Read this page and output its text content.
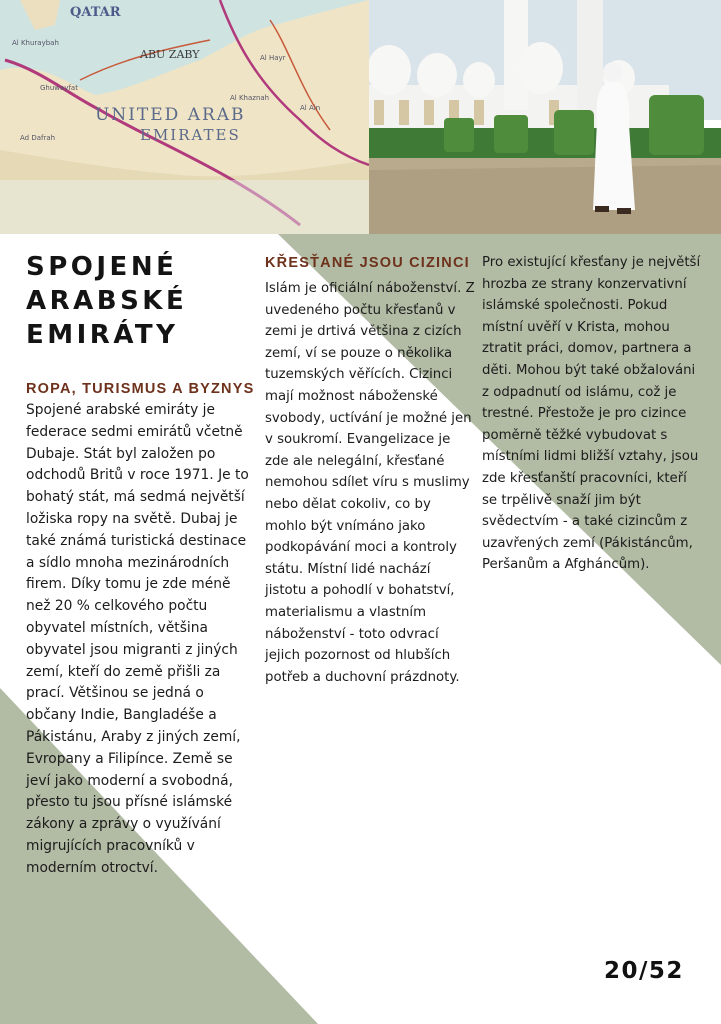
Al Khuraybah
Ghuwayfat
Al Hayr
Al Khaznah
Ad Dafrah
Al Ain
QATAR
ABU ZABY
UNITED ARAB
EMIRATES
SPOJENÉ ARABSKÉ EMIRÁTY
ROPA, TURISMUS A BYZNYS

Spojené arabské emiráty je federace sedmi emirátů včetně Dubaje. Stát byl založen po odchodů Britů v roce 1971. Je to bohatý stát, má sedmá největší ložiska ropy na světě. Dubaj je také známá turistická destinace a sídlo mnoha mezinárodních firem. Díky tomu je zde méně než 20 % celkového počtu obyvatel místních, většina obyvatel jsou migranti z jiných zemí, kteří do země přišli za prací. Většinou se jedná o občany Indie, Bangladéše a Pákistánu, Araby z jiných zemí, Evropany a Filipínce. Země se jeví jako moderní a svobodná, přesto tu jsou přísné islámské zákony a zprávy o využívání migrujících pracovníků v moderním otroctví.

KŘESŤANÉ JSOU CIZINCI

Islám je oficiální náboženství. Z uvedeného počtu křesťanů v zemi je drtivá většina z cizích zemí, ví se pouze o několika tuzemských věřících. Cizinci mají možnost náboženské svobody, uctívání je možné jen v soukromí. Evangelizace je zde ale nelegální, křesťané nemohou sdílet víru s muslimy nebo dělat cokoliv, co by mohlo být vnímáno jako podkopávání moci a kontroly státu. Místní lidé nachází jistotu a pohodlí v bohatství, materialismu a vlastním náboženství - toto odvrací jejich pozornost od hlubších potřeb a duchovní prázdnoty.

Pro existující křesťany je největší hrozba ze strany konzervativní islámské společnosti. Pokud místní uvěří v Krista, mohou ztratit práci, domov, partnera a děti. Mohou být také obžalováni z odpadnutí od islámu, což je trestné. Přestože je pro cizince poměrně těžké vybudovat s místními lidmi bližší vztahy, jsou zde křesťanští pracovníci, kteří se trpělivě snaží jim být svědectvím - a také cizincům z uzavřených zemí (Pákistáncům, Peršanům a Afgháncům).

20/52
